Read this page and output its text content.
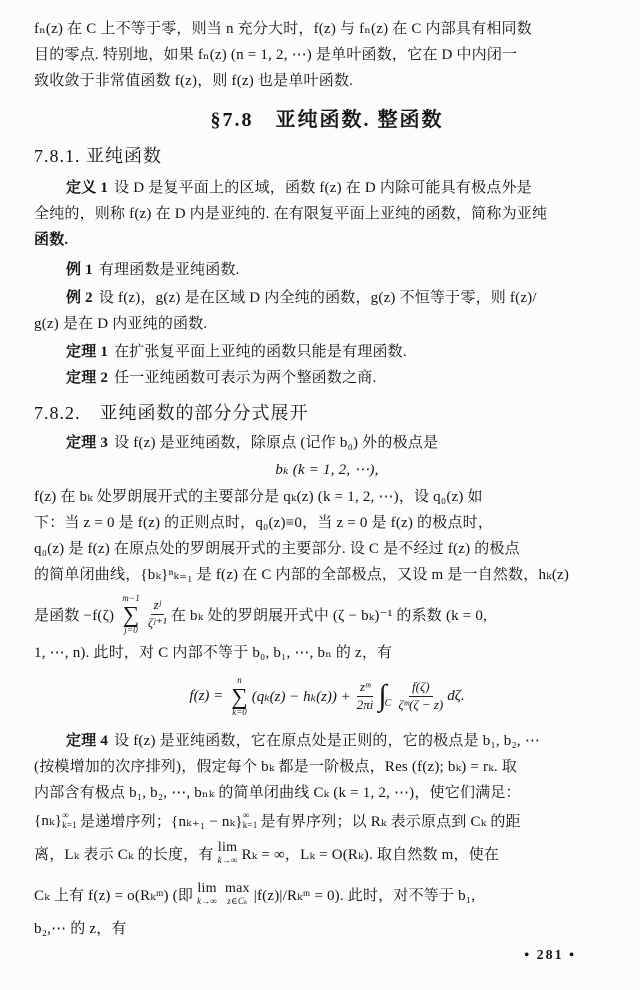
fₙ(z) 在 C 上不等于零，则当 n 充分大时，f(z) 与 fₙ(z) 在 C 内部具有相同数
目的零点. 特别地，如果 fₙ(z) (n = 1, 2, ⋯) 是单叶函数，它在 D 中内闭一
致收敛于非常值函数 f(z)，则 f(z) 也是单叶函数.
§7.8　亚纯函数. 整函数
7.8.1. 亚纯函数
定义 1 设 D 是复平面上的区域，函数 f(z) 在 D 内除可能具有极点外是
全纯的，则称 f(z) 在 D 内是亚纯的. 在有限复平面上亚纯的函数，简称为亚纯
函数.
例 1 有理函数是亚纯函数.
例 2 设 f(z)，g(z) 是在区域 D 内全纯的函数，g(z) 不恒等于零，则 f(z)/
g(z) 是在 D 内亚纯的函数.
定理 1 在扩张复平面上亚纯的函数只能是有理函数.
定理 2 任一亚纯函数可表示为两个整函数之商.
7.8.2.　亚纯函数的部分分式展开
定理 3 设 f(z) 是亚纯函数，除原点 (记作 b₀) 外的极点是
bₖ (k = 1, 2, ⋯),
f(z) 在 bₖ 处罗朗展开式的主要部分是 qₖ(z) (k = 1, 2, ⋯)，设 q₀(z) 如
下：当 z = 0 是 f(z) 的正则点时，q₀(z)≡0，当 z = 0 是 f(z) 的极点时，
q₀(z) 是 f(z) 在原点处的罗朗展开式的主要部分. 设 C 是不经过 f(z) 的极点
的简单闭曲线，{bₖ}ⁿₖ₌₁ 是 f(z) 在 C 内部的全部极点，又设 m 是一自然数，hₖ(z)
是函数 −f(ζ)
m−1
∑
$j=0 \frac{\text{zʲ}}{\text{ζʲ⁺¹}}$ 在 bₖ 处的罗朗展开式中 (ζ − bₖ)⁻¹ 的系数 (k = 0,
1, ⋯, n). 此时，对 C 内部不等于 b₀, b₁, ⋯, bₙ 的 z，有
f(z) =
n
∑
k=0
$(q_k(z) - h_k(z)) + \frac{\text{zᵐ}}{2\pi i}$ ∫
C $\frac{f(\zeta)}{\text{ζᵐ(ζ − z)}} d\zeta$.
定理 4 设 f(z) 是亚纯函数，它在原点处是正则的，它的极点是 b₁, b₂, ⋯
(按模增加的次序排列)，假定每个 bₖ 都是一阶极点，Res (f(z); bₖ) = rₖ. 取
内部含有极点 b₁, b₂, ⋯, bₙₖ 的简单闭曲线 Cₖ (k = 1, 2, ⋯)，使它们满足：
{nₖ} ∞
k=1 是递增序列；{nₖ₊₁ − nₖ} ∞
k=1 是有界序列；以 Rₖ 表示原点到 Cₖ 的距
离，Lₖ 表示 Cₖ 的长度，有 lim
k→∞ Rₖ = ∞，Lₖ = O(Rₖ). 取自然数 m，使在
Cₖ 上有 f(z) = o(Rₖᵐ) (即 lim
k→∞
max
z∈Cₖ |f(z)|/Rₖᵐ = 0). 此时，对不等于 b₁,
b₂,⋯ 的 z，有
• 281 •
